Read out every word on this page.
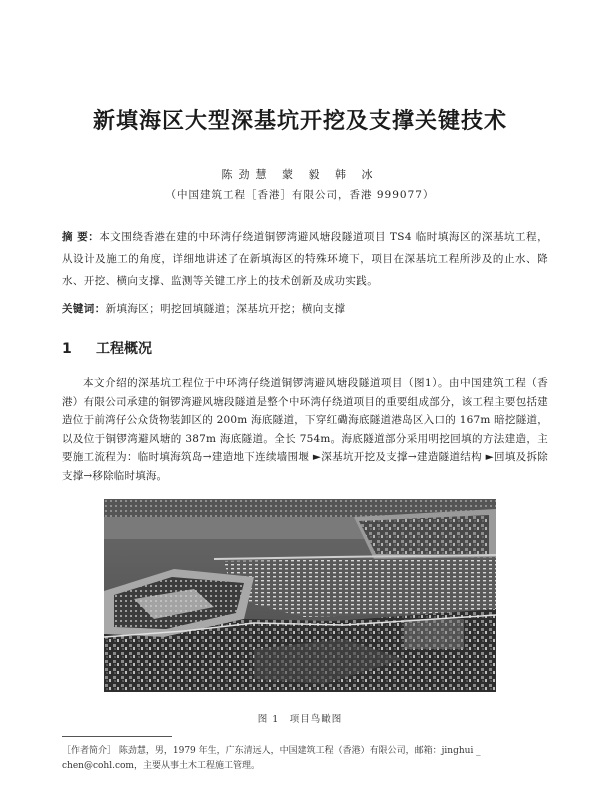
新填海区大型深基坑开挖及支撑关键技术
陈劲慧 蒙 毅 韩 冰
（中国建筑工程［香港］有限公司，香港 999077）
摘 要：本文围绕香港在建的中环湾仔绕道铜锣湾避风塘段隧道项目 TS4 临时填海区的深基坑工程，从设计及施工的角度，详细地讲述了在新填海区的特殊环境下，项目在深基坑工程所涉及的止水、降水、开挖、横向支撑、监测等关键工序上的技术创新及成功实践。
关键词：新填海区；明挖回填隧道；深基坑开挖；横向支撑
1 工程概况
本文介绍的深基坑工程位于中环湾仔绕道铜锣湾避风塘段隧道项目（图1）。由中国建筑工程（香港）有限公司承建的铜锣湾避风塘段隧道是整个中环湾仔绕道项目的重要组成部分，该工程主要包括建造位于前湾仔公众货物装卸区的 200m 海底隧道，下穿红磡海底隧道港岛区入口的 167m 暗挖隧道，以及位于铜锣湾避风塘的 387m 海底隧道。全长 754m。海底隧道部分采用明挖回填的方法建造，主要施工流程为：临时填海筑岛→建造地下连续墙围堰 ►深基坑开挖及支撑→建造隧道结构 ►回填及拆除支撑→移除临时填海。
图 1　项目鸟瞰图
［作者简介］ 陈劲慧，男，1979 年生，广东清远人，中国建筑工程（香港）有限公司，邮箱：jinghui _ chen@cohl.com，主要从事土木工程施工管理。
